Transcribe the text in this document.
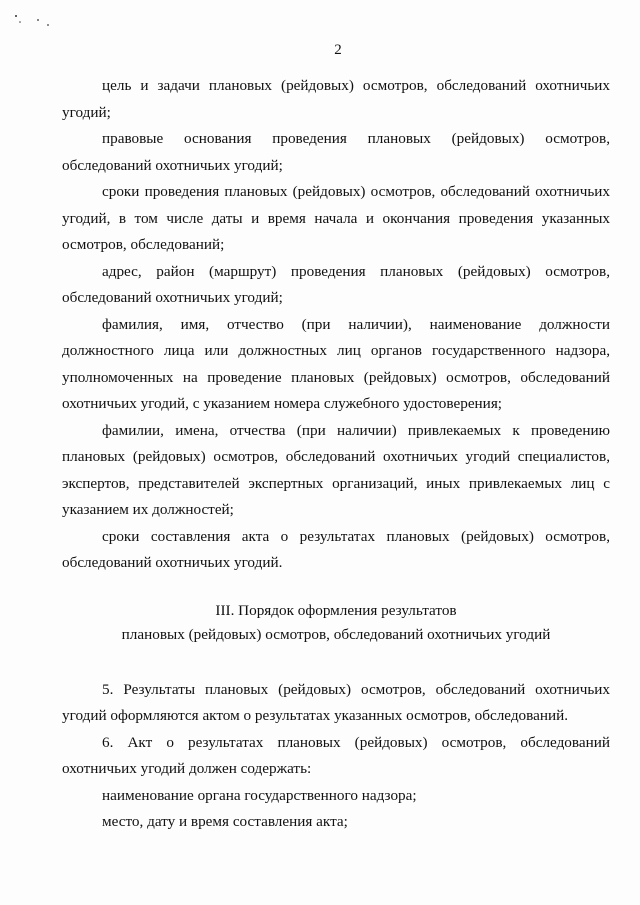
2

цель и задачи плановых (рейдовых) осмотров, обследований охотничьих угодий;

правовые основания проведения плановых (рейдовых) осмотров, обследований охотничьих угодий;

сроки проведения плановых (рейдовых) осмотров, обследований охотничьих угодий, в том числе даты и время начала и окончания проведения указанных осмотров, обследований;

адрес, район (маршрут) проведения плановых (рейдовых) осмотров, обследований охотничьих угодий;

фамилия, имя, отчество (при наличии), наименование должности должностного лица или должностных лиц органов государственного надзора, уполномоченных на проведение плановых (рейдовых) осмотров, обследований охотничьих угодий, с указанием номера служебного удостоверения;

фамилии, имена, отчества (при наличии) привлекаемых к проведению плановых (рейдовых) осмотров, обследований охотничьих угодий специалистов, экспертов, представителей экспертных организаций, иных привлекаемых лиц с указанием их должностей;

сроки составления акта о результатах плановых (рейдовых) осмотров, обследований охотничьих угодий.

III. Порядок оформления результатов
плановых (рейдовых) осмотров, обследований охотничьих угодий

5. Результаты плановых (рейдовых) осмотров, обследований охотничьих угодий оформляются актом о результатах указанных осмотров, обследований.

6. Акт о результатах плановых (рейдовых) осмотров, обследований охотничьих угодий должен содержать:

наименование органа государственного надзора;

место, дату и время составления акта;
